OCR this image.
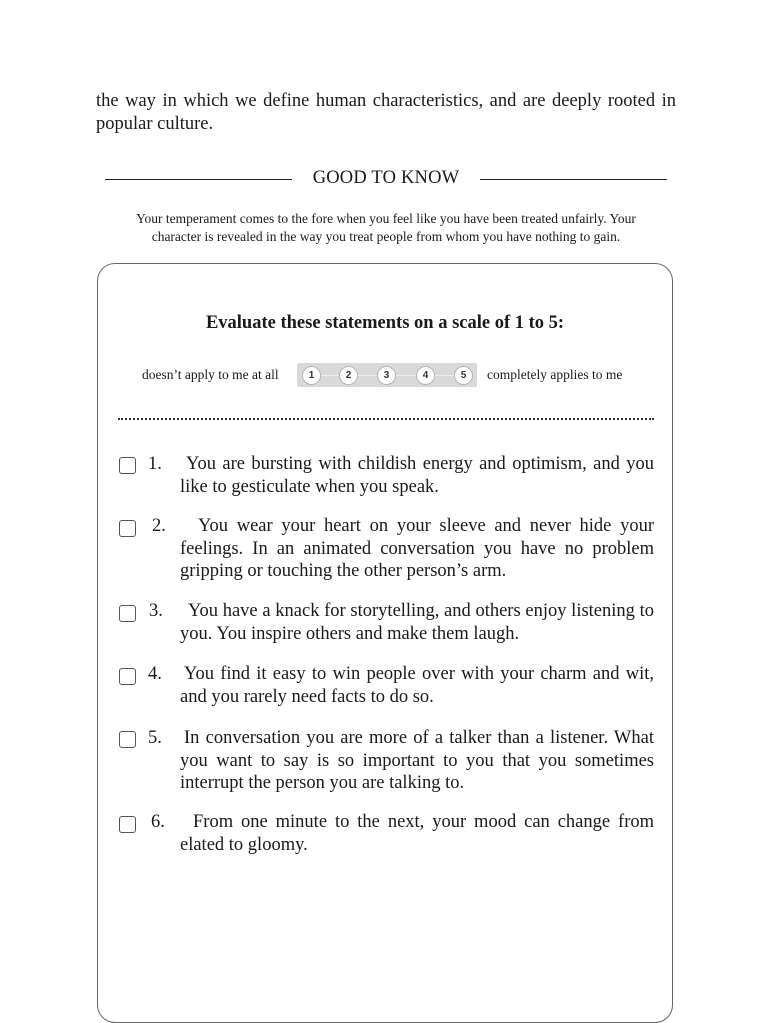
the way in which we define human characteristics, and are deeply rooted in popular culture.

GOOD TO KNOW

Your temperament comes to the fore when you feel like you have been treated unfairly. Your character is revealed in the way you treat people from whom you have nothing to gain.

Evaluate these statements on a scale of 1 to 5:
doesn’t apply to me at all	1	2	3	4	5	completely applies to me
1.	You are bursting with childish energy and optimism, and you like to gesticulate when you speak.

2.	You wear your heart on your sleeve and never hide your feelings. In an animated conversation you have no problem gripping or touching the other person’s arm.

3.	You have a knack for storytelling, and others enjoy listening to you. You inspire others and make them laugh.

4. You find it easy to win people over with your charm and wit, and you rarely need facts to do so.

5. In conversation you are more of a talker than a listener. What you want to say is so important to you that you sometimes interrupt the person you are talking to.

6.	From one minute to the next, your mood can change from elated to gloomy.
